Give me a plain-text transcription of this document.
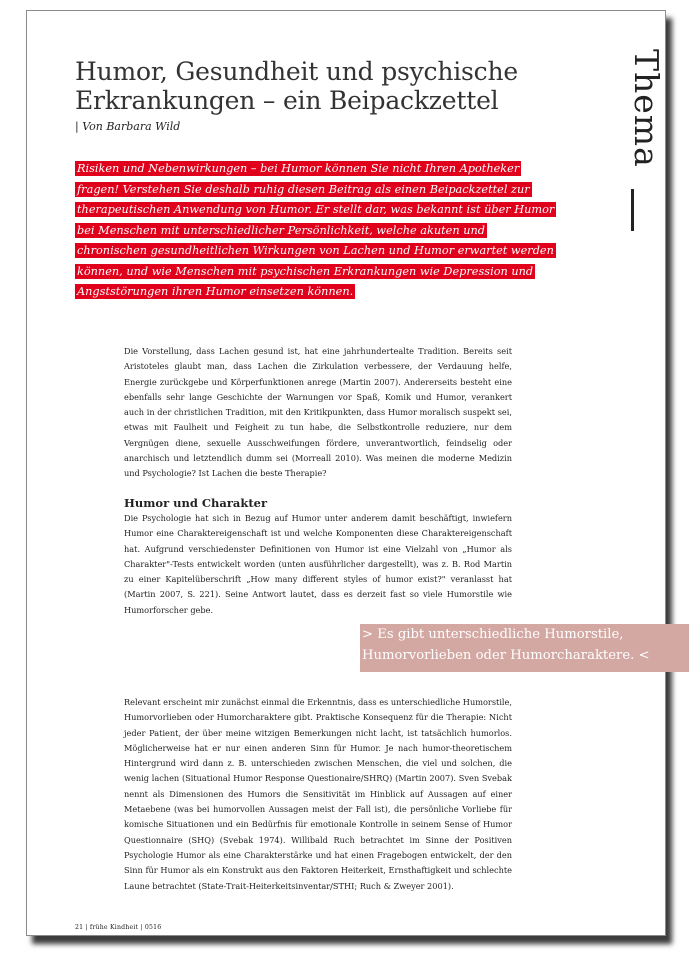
Humor, Gesundheit und psychische Erkrankungen – ein Beipackzettel
| Von Barbara Wild	Thema

Risiken und Nebenwirkungen – bei Humor können Sie nicht Ihren Apotheker fragen! Verstehen Sie deshalb ruhig diesen Beitrag als einen Beipackzettel zur therapeutischen Anwendung von Humor. Er stellt dar, was bekannt ist über Humor bei Menschen mit unterschiedlicher Persönlichkeit, welche akuten und chronischen gesundheitlichen Wirkungen von Lachen und Humor erwartet werden können, und wie Menschen mit psychischen Erkrankungen wie Depression und Angststörungen ihren Humor einsetzen können.

Die Vorstellung, dass Lachen gesund ist, hat eine jahrhundertealte Tradition. Bereits seit Aristoteles glaubt man, dass Lachen die Zirkulation verbessere, der Verdauung helfe, Energie zurückgebe und Körperfunktionen anrege (Martin 2007). Andererseits besteht eine ebenfalls sehr lange Geschichte der Warnungen vor Spaß, Komik und Humor, verankert auch in der christlichen Tradition, mit den Kritikpunkten, dass Humor moralisch suspekt sei, etwas mit Faulheit und Feigheit zu tun habe, die Selbstkontrolle reduziere, nur dem Vergnügen diene, sexuelle Ausschweifungen fördere, unverantwortlich, feindselig oder anarchisch und letztendlich dumm sei (Morreall 2010). Was meinen die moderne Medizin und Psychologie? Ist Lachen die beste Therapie?

Humor und Charakter

Die Psychologie hat sich in Bezug auf Humor unter anderem damit beschäftigt, inwiefern Humor eine Charaktereigenschaft ist und welche Komponenten diese Charaktereigenschaft hat. Aufgrund verschiedenster Definitionen von Humor ist eine Vielzahl von „Humor als Charakter"-Tests entwickelt worden (unten ausführlicher dargestellt), was z. B. Rod Martin zu einer Kapitelüberschrift „How many different styles of humor exist?" veranlasst hat (Martin 2007, S. 221). Seine Antwort lautet, dass es derzeit fast so viele Humorstile wie Humorforscher gebe.

> Es gibt unterschiedliche Humorstile, Humorvorlieben oder Humorcharaktere. <

Relevant erscheint mir zunächst einmal die Erkenntnis, dass es unterschiedliche Humorstile, Humorvorlieben oder Humorcharaktere gibt. Praktische Konsequenz für die Therapie: Nicht jeder Patient, der über meine witzigen Bemerkungen nicht lacht, ist tatsächlich humorlos. Möglicherweise hat er nur einen anderen Sinn für Humor. Je nach humor-theoretischem Hintergrund wird dann z. B. unterschieden zwischen Menschen, die viel und solchen, die wenig lachen (Situational Humor Response Questionaire/SHRQ) (Martin 2007). Sven Svebak nennt als Dimensionen des Humors die Sensitivität im Hinblick auf Aussagen auf einer Metaebene (was bei humorvollen Aussagen meist der Fall ist), die persönliche Vorliebe für komische Situationen und ein Bedürfnis für emotionale Kontrolle in seinem Sense of Humor Questionnaire (SHQ) (Svebak 1974). Willibald Ruch betrachtet im Sinne der Positiven Psychologie Humor als eine Charakterstärke und hat einen Fragebogen entwickelt, der den Sinn für Humor als ein Konstrukt aus den Faktoren Heiterkeit, Ernsthaftigkeit und schlechte Laune betrachtet (State-Trait-Heiterkeitsinventar/STHI; Ruch & Zweyer 2001).

21 | frühe Kindheit | 0516
